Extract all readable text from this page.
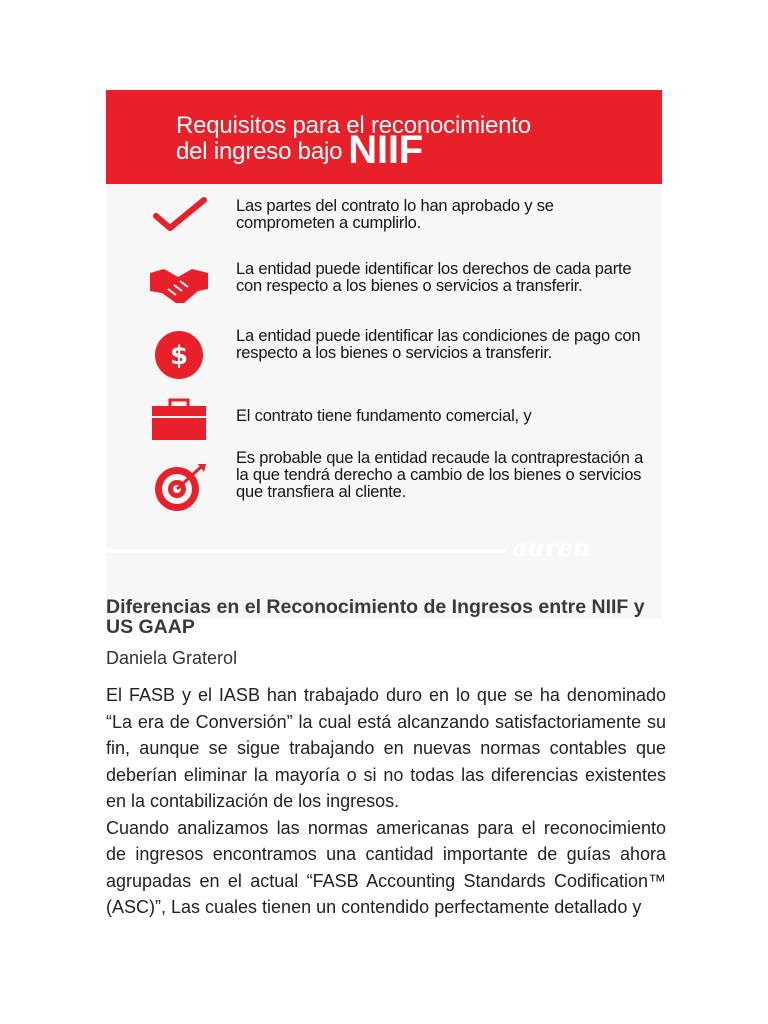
Requisitos para el reconocimiento
del ingreso bajo NIIF
Las partes del contrato lo han aprobado y se comprometen a cumplirlo.
La entidad puede identificar los derechos de cada parte con respecto a los bienes o servicios a transferir.
$
La entidad puede identificar las condiciones de pago con respecto a los bienes o servicios a transferir.
El contrato tiene fundamento comercial, y
Es probable que la entidad recaude la contraprestación a la que tendrá derecho a cambio de los bienes o servicios que transfiera al cliente.
auren
Diferencias en el Reconocimiento de Ingresos entre NIIF y US GAAP
Daniela Graterol

El FASB y el IASB han trabajado duro en lo que se ha denominado “La era de Conversión” la cual está alcanzando satisfactoriamente su fin, aunque se sigue trabajando en nuevas normas contables que deberían eliminar la mayoría o si no todas las diferencias existentes en la contabilización de los ingresos.

Cuando analizamos las normas americanas para el reconocimiento de ingresos encontramos una cantidad importante de guías ahora agrupadas en el actual “FASB Accounting Standards Codification™ (ASC)”, Las cuales tienen un contendido perfectamente detallado y
